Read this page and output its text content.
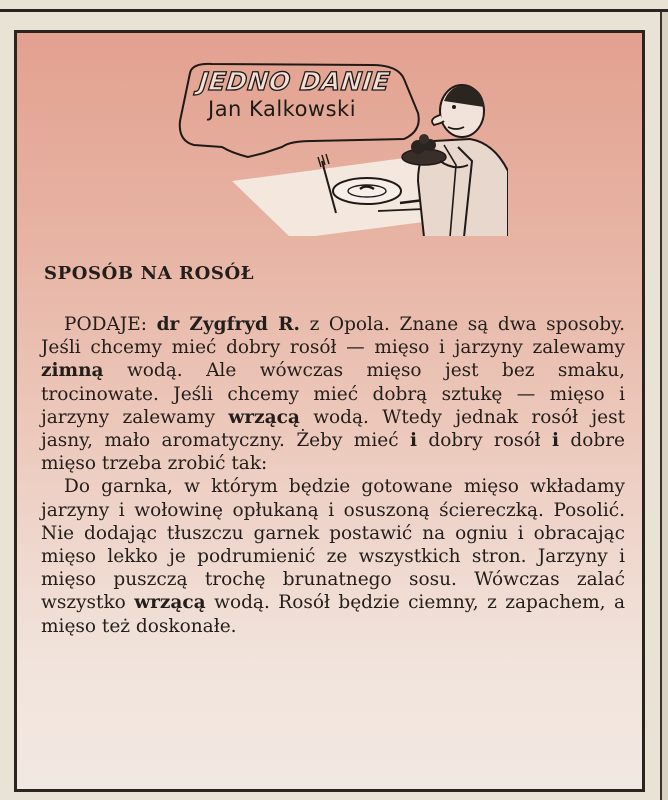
JEDNO DANIE
Jan Kalkowski
SPOSÓB NA ROSÓŁ

PODAJE: dr Zygfryd R. z Opola. Znane są dwa sposoby. Jeśli chcemy mieć dobry rosół — mięso i jarzyny zalewamy zimną wodą. Ale wówczas mięso jest bez smaku, trocinowate. Jeśli chcemy mieć dobrą sztukę — mięso i jarzyny zalewamy wrzącą wodą. Wtedy jednak rosół jest jasny, mało aromatyczny. Żeby mieć i dobry rosół i dobre mięso trzeba zrobić tak:

Do garnka, w którym będzie gotowane mięso wkładamy jarzyny i wołowinę opłukaną i osuszoną ściereczką. Posolić. Nie dodając tłuszczu garnek postawić na ogniu i obracając mięso lekko je podrumienić ze wszystkich stron. Jarzyny i mięso puszczą trochę brunatnego sosu. Wówczas zalać wszystko wrzącą wodą. Rosół będzie ciemny, z zapachem, a mięso też doskonałe.
